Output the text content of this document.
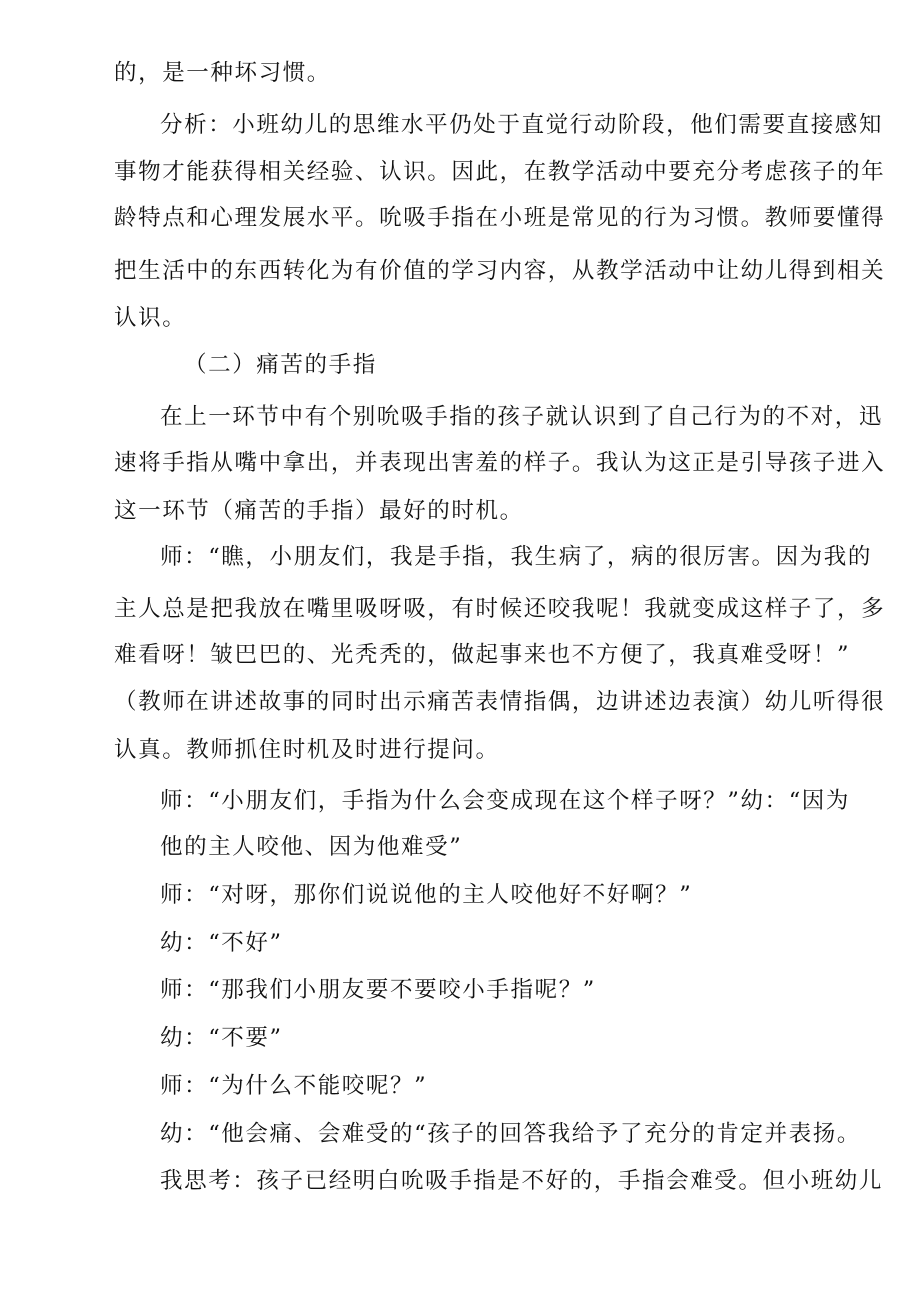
的，是一种坏习惯。
分析：小班幼儿的思维水平仍处于直觉行动阶段，他们需要直接感知
事物才能获得相关经验、认识。因此，在教学活动中要充分考虑孩子的年
龄特点和心理发展水平。吮吸手指在小班是常见的行为习惯。教师要懂得
把生活中的东西转化为有价值的学习内容，从教学活动中让幼儿得到相关
认识。
（二）痛苦的手指
在上一环节中有个别吮吸手指的孩子就认识到了自己行为的不对，迅
速将手指从嘴中拿出，并表现出害羞的样子。我认为这正是引导孩子进入
这一环节（痛苦的手指）最好的时机。
师：“瞧，小朋友们，我是手指，我生病了，病的很厉害。因为我的
主人总是把我放在嘴里吸呀吸，有时候还咬我呢！我就变成这样子了，多
难看呀！皱巴巴的、光秃秃的，做起事来也不方便了，我真难受呀！”
（教师在讲述故事的同时出示痛苦表情指偶，边讲述边表演）幼儿听得很
认真。教师抓住时机及时进行提问。
师：“小朋友们，手指为什么会变成现在这个样子呀？”幼：“因为
他的主人咬他、因为他难受”
师：“对呀，那你们说说他的主人咬他好不好啊？”
幼：“不好”
师：“那我们小朋友要不要咬小手指呢？”
幼：“不要”
师：“为什么不能咬呢？”
幼：“他会痛、会难受的“孩子的回答我给予了充分的肯定并表扬。
我思考：孩子已经明白吮吸手指是不好的，手指会难受。但小班幼儿
